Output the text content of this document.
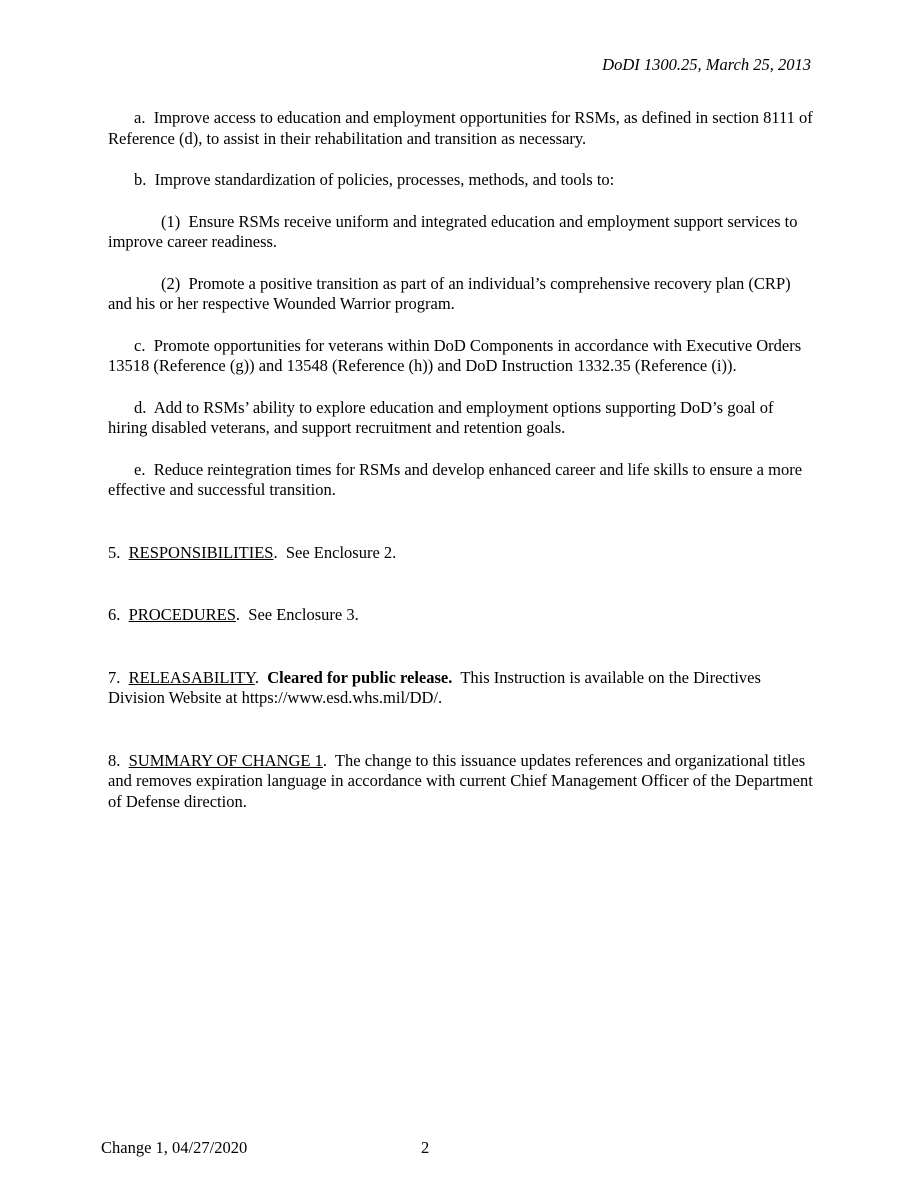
DoDI 1300.25, March 25, 2013

a. Improve access to education and employment opportunities for RSMs, as defined in section 8111 of Reference (d), to assist in their rehabilitation and transition as necessary.

b. Improve standardization of policies, processes, methods, and tools to:

(1) Ensure RSMs receive uniform and integrated education and employment support services to improve career readiness.

(2) Promote a positive transition as part of an individual’s comprehensive recovery plan (CRP) and his or her respective Wounded Warrior program.

c. Promote opportunities for veterans within DoD Components in accordance with Executive Orders 13518 (Reference (g)) and 13548 (Reference (h)) and DoD Instruction 1332.35 (Reference (i)).

d. Add to RSMs’ ability to explore education and employment options supporting DoD’s goal of hiring disabled veterans, and support recruitment and retention goals.

e. Reduce reintegration times for RSMs and develop enhanced career and life skills to ensure a more effective and successful transition.

5. RESPONSIBILITIES.  See Enclosure 2.

6. PROCEDURES.  See Enclosure 3.

7. RELEASABILITY.  Cleared for public release. This Instruction is available on the Directives Division Website at https://www.esd.whs.mil/DD/.

8. SUMMARY OF CHANGE 1.  The change to this issuance updates references and organizational titles and removes expiration language in accordance with current Chief Management Officer of the Department of Defense direction.

Change 1, 04/27/2020	2
